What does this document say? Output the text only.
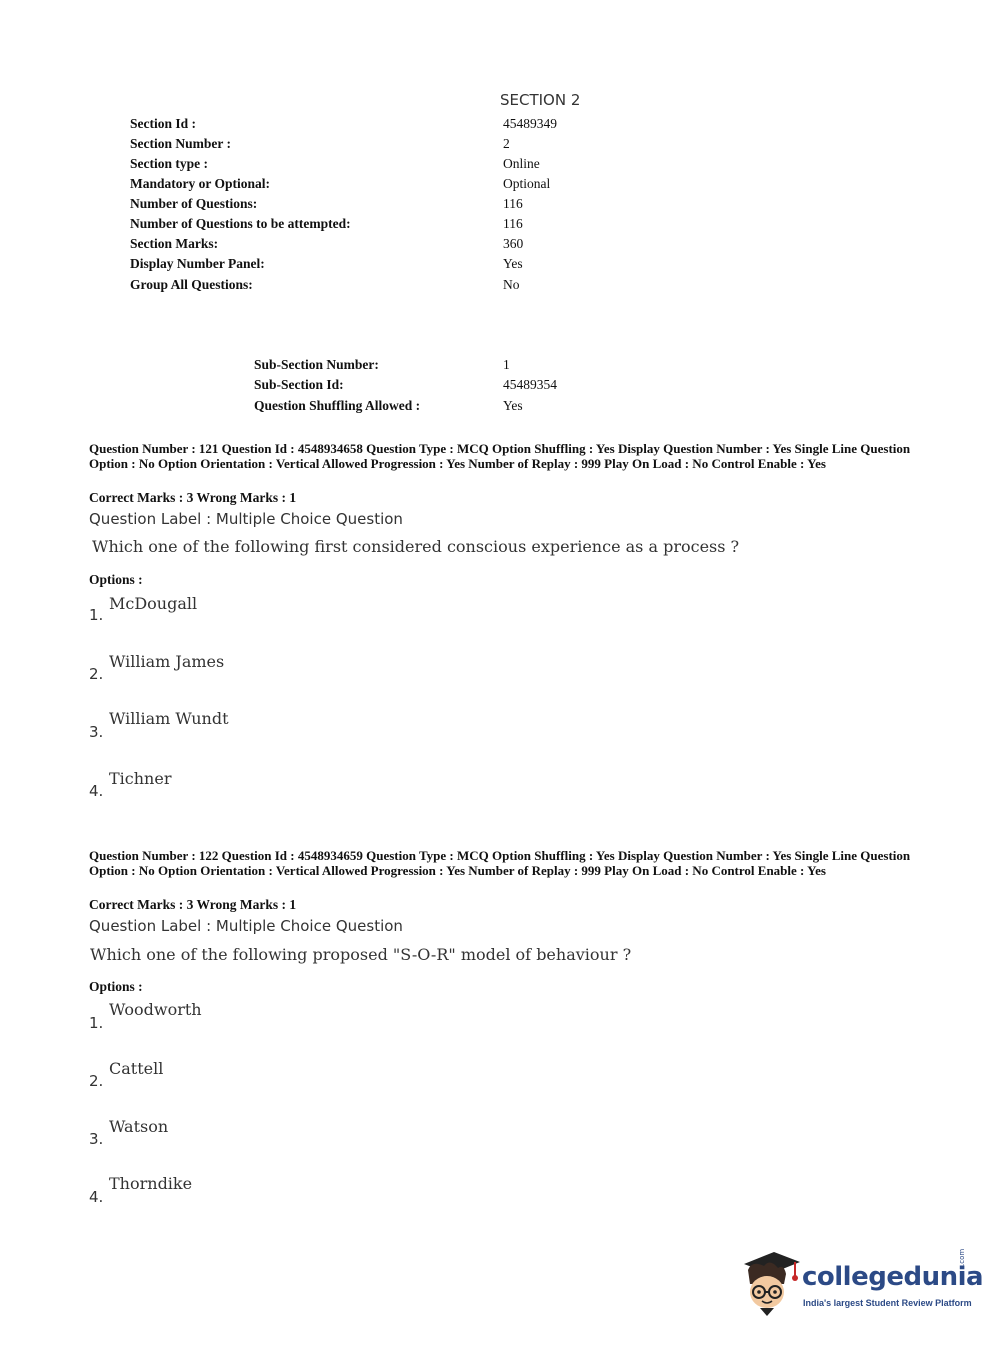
SECTION 2
Section Id :	45489349
Section Number :	2
Section type :	Online
Mandatory or Optional:	Optional
Number of Questions:	116
Number of Questions to be attempted:	116
Section Marks:	360
Display Number Panel:	Yes
Group All Questions:	No
Sub-Section Number:	1
Sub-Section Id:	45489354
Question Shuffling Allowed :	Yes
Question Number : 121 Question Id : 4548934658 Question Type : MCQ Option Shuffling : Yes Display Question Number : Yes Single Line Question Option : No Option Orientation : Vertical Allowed Progression : Yes Number of Replay : 999 Play On Load : No Control Enable : Yes
Correct Marks : 3 Wrong Marks : 1
Question Label : Multiple Choice Question
Which one of the following first considered conscious experience as a process ?
Options :
1.
McDougall
2.
William James
3.
William Wundt
4.
Tichner
Question Number : 122 Question Id : 4548934659 Question Type : MCQ Option Shuffling : Yes Display Question Number : Yes Single Line Question Option : No Option Orientation : Vertical Allowed Progression : Yes Number of Replay : 999 Play On Load : No Control Enable : Yes
Correct Marks : 3 Wrong Marks : 1
Question Label : Multiple Choice Question
Which one of the following proposed "S-O-R" model of behaviour ?
Options :
1.
Woodworth
2.
Cattell
3.
Watson
4.
Thorndike
collegedunia
.com
India's largest Student Review Platform
